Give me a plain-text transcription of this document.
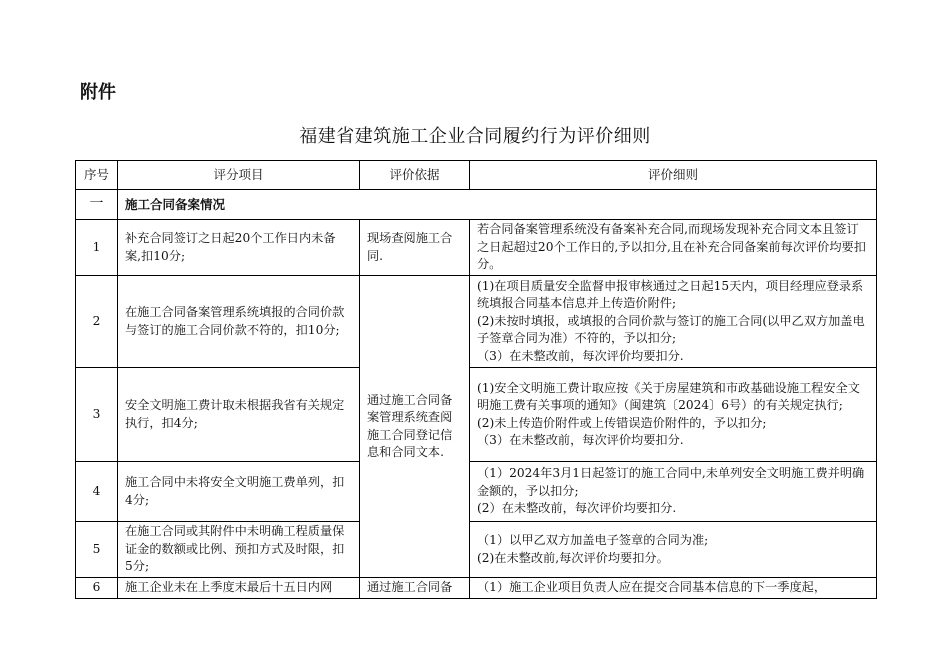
附件
福建省建筑施工企业合同履约行为评价细则
序号	评分项目	评价依据	评价细则
一	施工合同备案情况		
1	补充合同签订之日起20个工作日内未备案,扣10分;	现场查阅施工合同.	若合同备案管理系统没有备案补充合同,而现场发现补充合同文本且签订之日起超过20个工作日的,予以扣分,且在补充合同备案前每次评价均要扣分。

2	在施工合同备案管理系统填报的合同价款与签订的施工合同价款不符的，扣10分;	通过施工合同备案管理系统查阅施工合同登记信息和合同文本.	(1)在项目质量安全监督申报审核通过之日起15天内，项目经理应登录系统填报合同基本信息并上传造价附件;
(2)未按时填报，或填报的合同价款与签订的施工合同(以甲乙双方加盖电子签章合同为准）不符的，予以扣分;
（3）在未整改前，每次评价均要扣分.

3	安全文明施工费计取未根据我省有关规定执行，扣4分;		(1)安全文明施工费计取应按《关于房屋建筑和市政基础设施工程安全文明施工费有关事项的通知》（闽建筑〔2024〕6号）的有关规定执行;
(2)未上传造价附件或上传错误造价附件的，予以扣分;
（3）在未整改前，每次评价均要扣分.

4	施工合同中未将安全文明施工费单列，扣4分;		（1）2024年3月1日起签订的施工合同中,未单列安全文明施工费并明确金额的，予以扣分;
(2）在未整改前，每次评价均要扣分.

5	在施工合同或其附件中未明确工程质量保证金的数额或比例、预扣方式及时限，扣5分;		（1）以甲乙双方加盖电子签章的合同为准;
(2)在未整改前,每次评价均要扣分。

6	施工企业未在上季度末最后十五日内网	通过施工合同备	（1）施工企业项目负责人应在提交合同基本信息的下一季度起，
